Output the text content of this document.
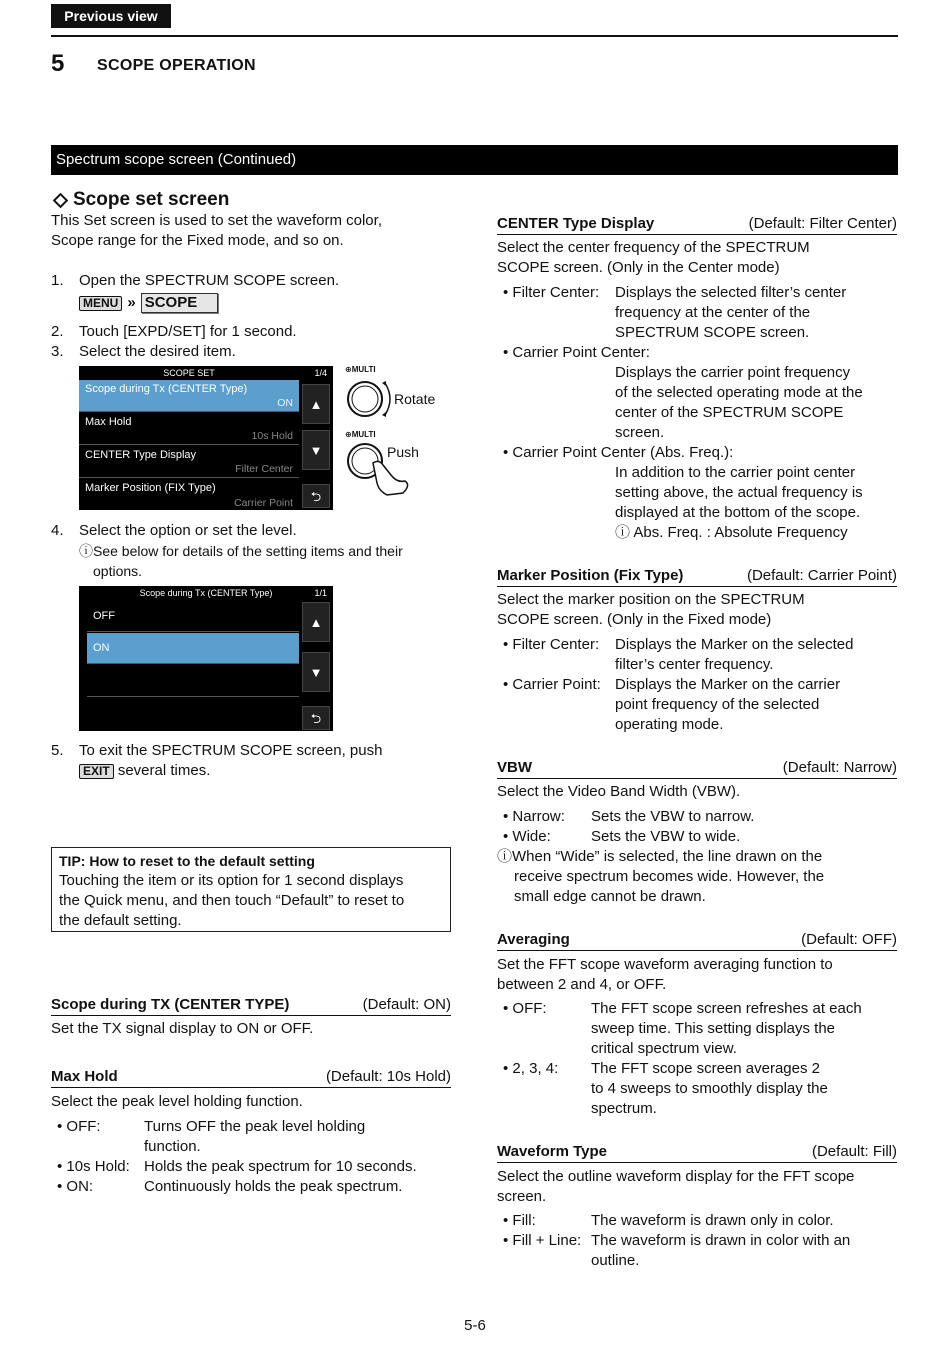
Previous view
5 SCOPE OPERATION
Spectrum scope screen (Continued)
Scope set screen
This Set screen is used to set the waveform color,
Scope range for the Fixed mode, and so on.
1. Open the SPECTRUM SCOPE screen.
MENU » SCOPE
2. Touch [EXPD/SET] for 1 second.
3. Select the desired item.
SCOPE SET	1/4
Scope during Tx (CENTER Type)
ON
Max Hold
10s Hold
CENTER Type Display
Filter Center
Marker Position (FIX Type)
Carrier Point
▲
▼
⮌
⊕MULTI
Rotate
⊕MULTI
Push
4. Select the option or set the level.
ⓘSee below for details of the setting items and their
options.
Scope during Tx (CENTER Type)	1/1
OFF
ON
▲
▼
⮌
5. To exit the SPECTRUM SCOPE screen, push
EXIT several times.
TIP: How to reset to the default setting
Touching the item or its option for 1 second displays
the Quick menu, and then touch “Default” to reset to
the default setting.
Scope during TX (CENTER TYPE)	(Default: ON)
Set the TX signal display to ON or OFF.
Max Hold	(Default: 10s Hold)
Select the peak level holding function.
• OFF:	Turns OFF the peak level holding
function.
• 10s Hold: Holds the peak spectrum for 10 seconds.
• ON:	Continuously holds the peak spectrum.
CENTER Type Display	(Default: Filter Center)
Select the center frequency of the SPECTRUM
SCOPE screen. (Only in the Center mode)
• Filter Center: Displays the selected filter’s center
frequency at the center of the
SPECTRUM SCOPE screen.
• Carrier Point Center:
Displays the carrier point frequency
of the selected operating mode at the
center of the SPECTRUM SCOPE
screen.
• Carrier Point Center (Abs. Freq.):
In addition to the carrier point center
setting above, the actual frequency is
displayed at the bottom of the scope.
ⓘ Abs. Freq. : Absolute Frequency
Marker Position (Fix Type)	(Default: Carrier Point)
Select the marker position on the SPECTRUM
SCOPE screen. (Only in the Fixed mode)
• Filter Center: Displays the Marker on the selected
filter’s center frequency.
• Carrier Point: Displays the Marker on the carrier
point frequency of the selected
operating mode.
VBW	(Default: Narrow)
Select the Video Band Width (VBW).
• Narrow: Sets the VBW to narrow.
• Wide:	Sets the VBW to wide.
ⓘWhen “Wide” is selected, the line drawn on the
receive spectrum becomes wide. However, the
small edge cannot be drawn.
Averaging	(Default: OFF)
Set the FFT scope waveform averaging function to
between 2 and 4, or OFF.
• OFF:	The FFT scope screen refreshes at each
sweep time. This setting displays the
critical spectrum view.
• 2, 3, 4: The FFT scope screen averages 2
to 4 sweeps to smoothly display the
spectrum.
Waveform Type	(Default: Fill)
Select the outline waveform display for the FFT scope
screen.
• Fill:	The waveform is drawn only in color.
• Fill + Line: The waveform is drawn in color with an
outline.
5-6
